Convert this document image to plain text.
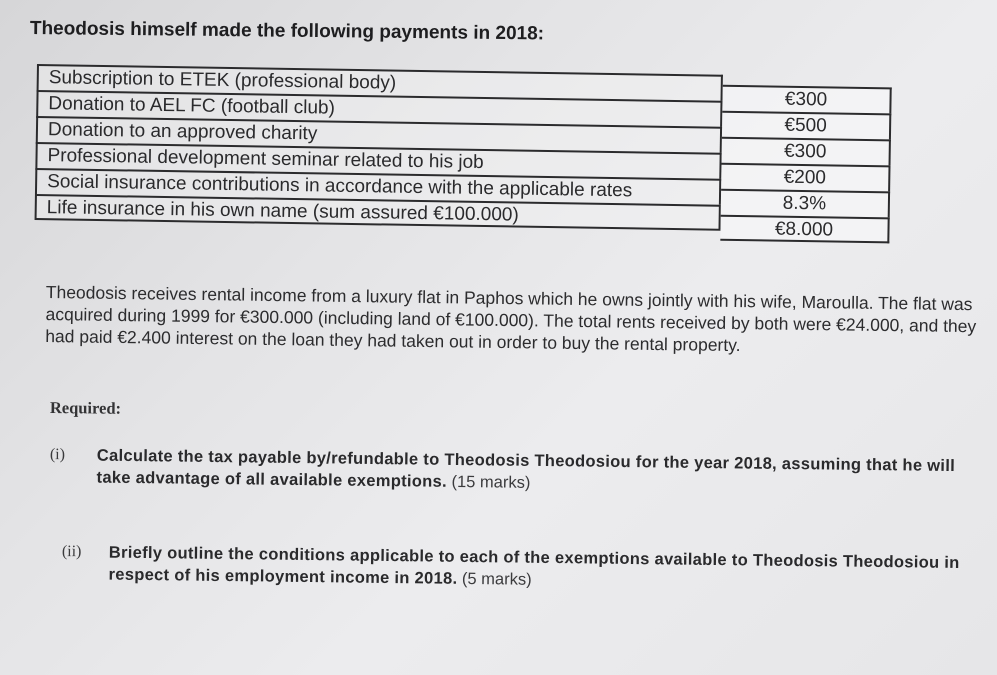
Theodosis himself made the following payments in 2018:
Subscription to ETEK (professional body)
€300
Donation to AEL FC (football club)
€500
Donation to an approved charity
€300
Professional development seminar related to his job
€200
Social insurance contributions in accordance with the applicable rates
8.3%
Life insurance in his own name (sum assured €100.000)
€8.000
Theodosis receives rental income from a luxury flat in Paphos which he owns jointly with his wife, Maroulla. The flat was acquired during 1999 for €300.000 (including land of €100.000). The total rents received by both were €24.000, and they had paid €2.400 interest on the loan they had taken out in order to buy the rental property.
Required:
(i) Calculate the tax payable by/refundable to Theodosis Theodosiou for the year 2018, assuming that he will take advantage of all available exemptions. (15 marks)
(ii) Briefly outline the conditions applicable to each of the exemptions available to Theodosis Theodosiou in respect of his employment income in 2018. (5 marks)
